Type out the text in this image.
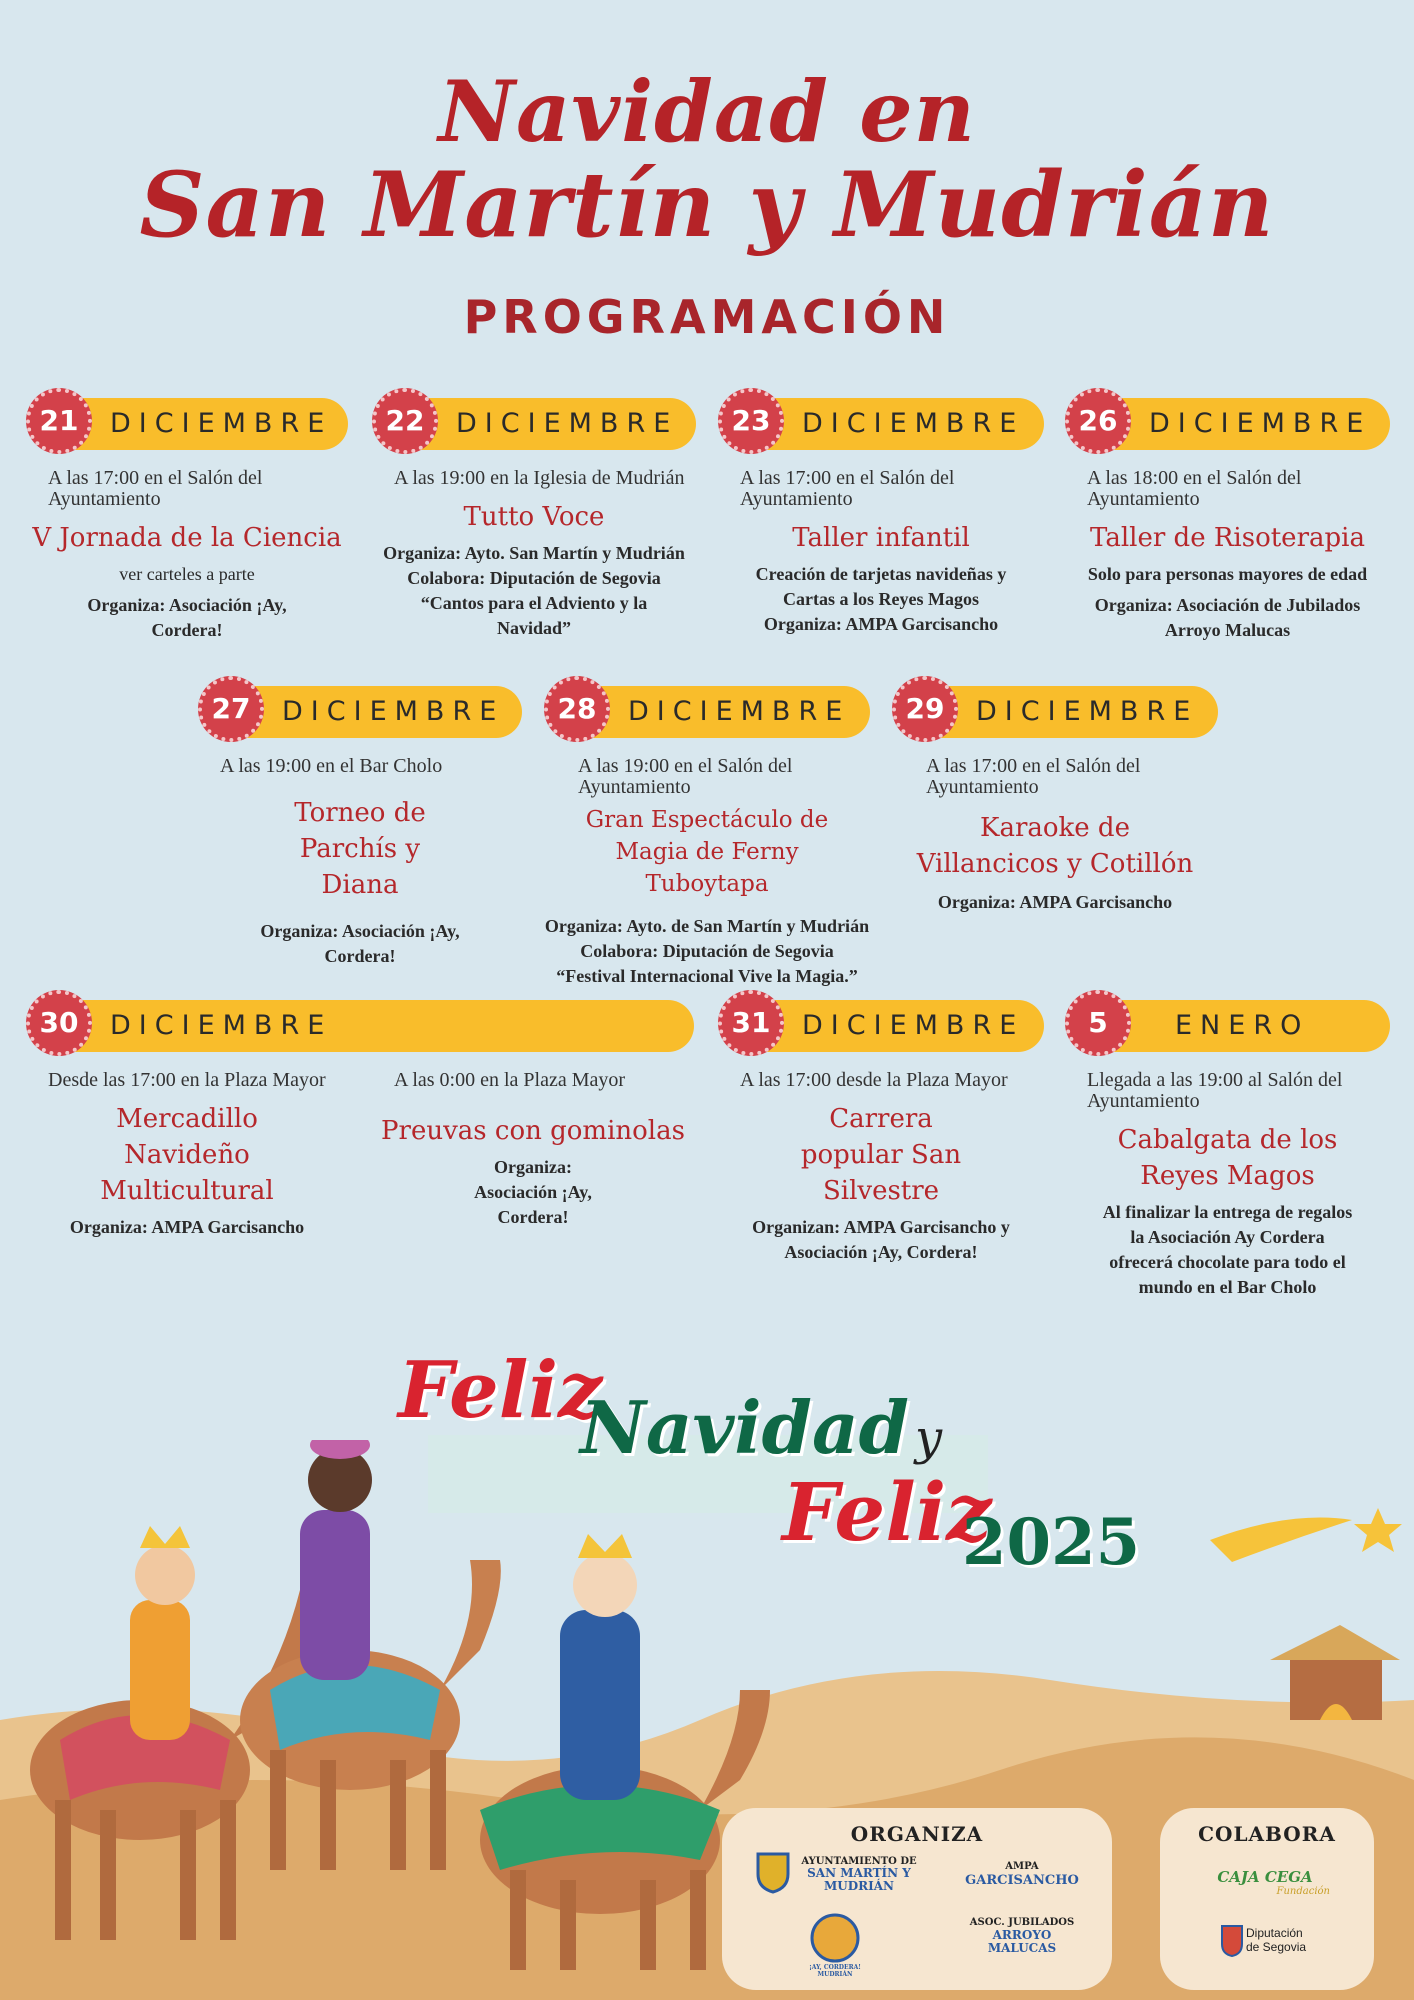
Navidad en
San Martín y Mudrián
PROGRAMACIÓN
DICIEMBRE
21
A las 17:00 en el Salón del Ayuntamiento
V Jornada de la Ciencia
ver carteles a parte
Organiza: Asociación ¡Ay, Cordera!
DICIEMBRE
22
A las 19:00 en la Iglesia de Mudrián
Tutto Voce
Organiza: Ayto. San Martín y Mudrián
Colabora: Diputación de Segovia
“Cantos para el Adviento y la Navidad”
DICIEMBRE
23
A las 17:00 en el Salón del Ayuntamiento
Taller infantil
Creación de tarjetas navideñas y Cartas a los Reyes Magos
Organiza: AMPA Garcisancho
DICIEMBRE
26
A las 18:00 en el Salón del Ayuntamiento
Taller de Risoterapia
Solo para personas mayores de edad
Organiza: Asociación de Jubilados Arroyo Malucas
DICIEMBRE
27
A las 19:00 en el Bar Cholo
Torneo de Parchís y Diana
Organiza: Asociación ¡Ay, Cordera!
DICIEMBRE
28
A las 19:00 en el Salón del Ayuntamiento
Gran Espectáculo de Magia de Ferny Tuboytapa
Organiza: Ayto. de San Martín y Mudrián
Colabora: Diputación de Segovia
“Festival Internacional Vive la Magia.”
DICIEMBRE
29
A las 17:00 en el Salón del Ayuntamiento
Karaoke de Villancicos y Cotillón
Organiza: AMPA Garcisancho
DICIEMBRE
30
Desde las 17:00 en la Plaza Mayor
Mercadillo Navideño Multicultural
Organiza: AMPA Garcisancho
A las 0:00 en la Plaza Mayor
Preuvas con gominolas
Organiza: Asociación ¡Ay, Cordera!
DICIEMBRE
31
A las 17:00 desde la Plaza Mayor
Carrera popular San Silvestre
Organizan: AMPA Garcisancho y Asociación ¡Ay, Cordera!
ENERO
5
Llegada a las 19:00 al Salón del Ayuntamiento
Cabalgata de los Reyes Magos
Al finalizar la entrega de regalos la Asociación Ay Cordera ofrecerá chocolate para todo el mundo en el Bar Cholo
Feliz
Navidad y
Feliz
2025
ORGANIZA
AYUNTAMIENTO DE
SAN MARTÍN Y
MUDRIÁN
AMPA
GARCISANCHO
¡AY, CORDERA! MUDRIÁN
ASOC. JUBILADOS
ARROYO
MALUCAS
COLABORA
CAJA CEGA
Fundación
Diputación
de Segovia
